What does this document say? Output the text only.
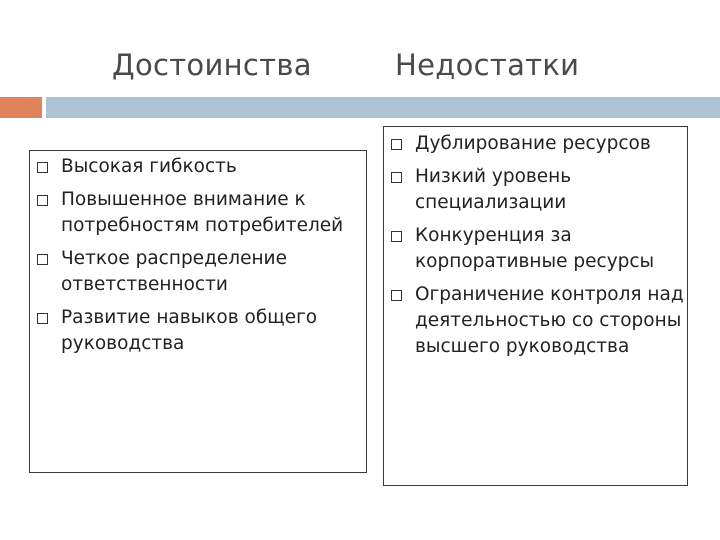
Достоинства	Недостатки
Высокая гибкость
Повышенное внимание к потребностям потребителей
Четкое распределение ответственности
Развитие навыков общего руководства
Дублирование ресурсов
Низкий уровень специализации
Конкуренция за корпоративные ресурсы
Ограничение контроля над деятельностью со стороны высшего руководства
